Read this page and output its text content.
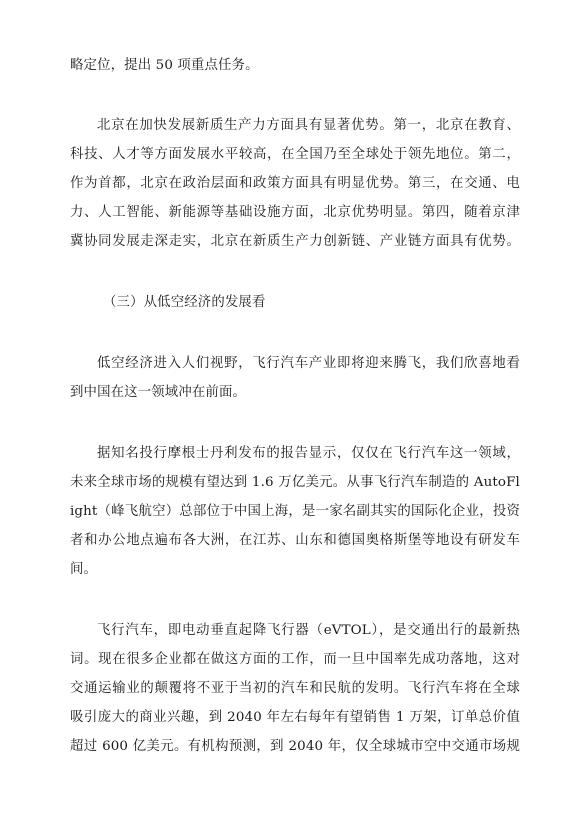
略定位，提出 50 项重点任务。
北京在加快发展新质生产力方面具有显著优势。第一，北京在教育、
科技、人才等方面发展水平较高，在全国乃至全球处于领先地位。第二，
作为首都，北京在政治层面和政策方面具有明显优势。第三，在交通、电
力、人工智能、新能源等基础设施方面，北京优势明显。第四，随着京津
冀协同发展走深走实，北京在新质生产力创新链、产业链方面具有优势。
（三）从低空经济的发展看
低空经济进入人们视野，飞行汽车产业即将迎来腾飞，我们欣喜地看
到中国在这一领域冲在前面。
据知名投行摩根士丹利发布的报告显示，仅仅在飞行汽车这一领域，
未来全球市场的规模有望达到 1.6 万亿美元。从事飞行汽车制造的 AutoFl
ight（峰飞航空）总部位于中国上海，是一家名副其实的国际化企业，投资
者和办公地点遍布各大洲，在江苏、山东和德国奥格斯堡等地设有研发车
间。
飞行汽车，即电动垂直起降飞行器（eVTOL），是交通出行的最新热
词。现在很多企业都在做这方面的工作，而一旦中国率先成功落地，这对
交通运输业的颠覆将不亚于当初的汽车和民航的发明。飞行汽车将在全球
吸引庞大的商业兴趣，到 2040 年左右每年有望销售 1 万架，订单总价值
超过 600 亿美元。有机构预测，到 2040 年，仅全球城市空中交通市场规
